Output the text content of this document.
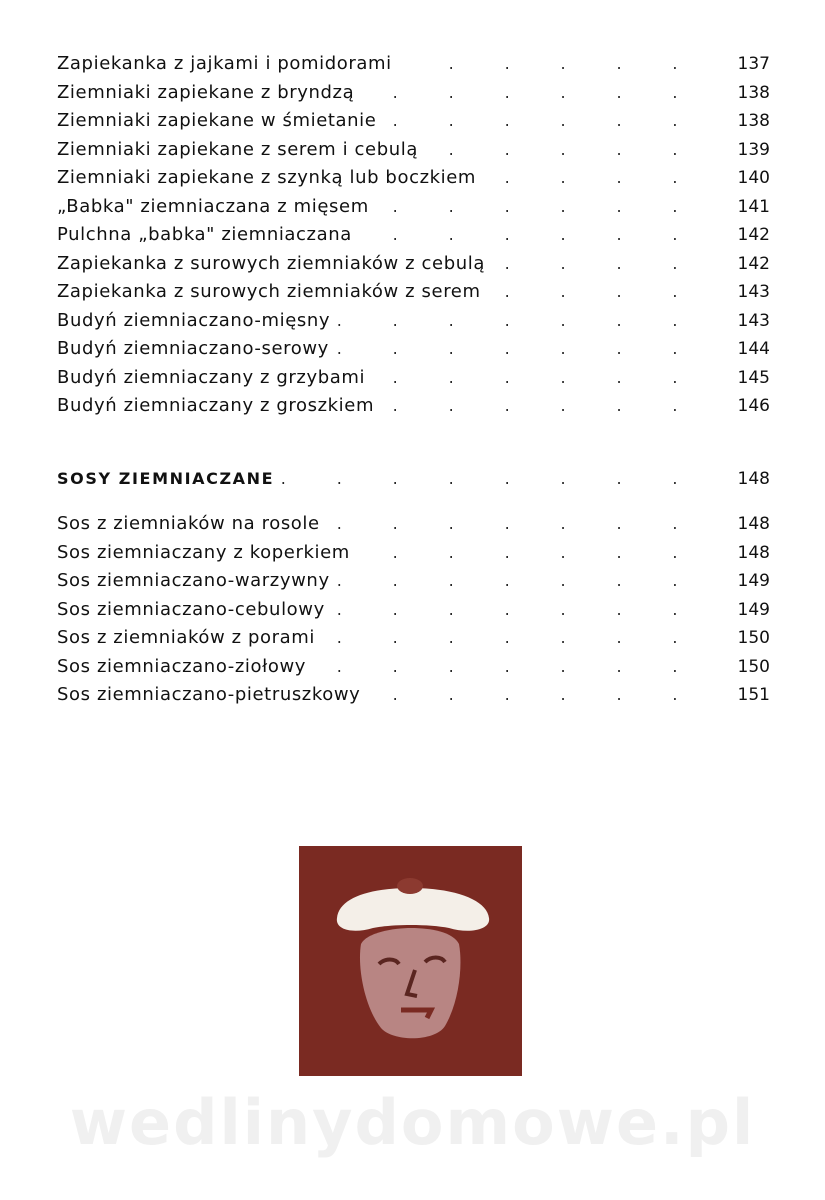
Zapiekanka z jajkami i pomidorami .	137
Ziemniaki zapiekane z bryndzą .	138
Ziemniaki zapiekane w śmietanie .	138
Ziemniaki zapiekane z serem i cebulą .	139
Ziemniaki zapiekane z szynką lub boczkiem .	140
„Babka" ziemniaczana z mięsem .	141
Pulchna „babka" ziemniaczana .	142
Zapiekanka z surowych ziemniaków z cebulą .	142
Zapiekanka z surowych ziemniaków z serem .	143
Budyń ziemniaczano-mięsny .	143
Budyń ziemniaczano-serowy .	144
Budyń ziemniaczany z grzybami .	145
Budyń ziemniaczany z groszkiem .	146
SOSY ZIEMNIACZANE .	148
Sos z ziemniaków na rosole .	148
Sos ziemniaczany z koperkiem .	148
Sos ziemniaczano-warzywny .	149
Sos ziemniaczano-cebulowy .	149
Sos z ziemniaków z porami .	150
Sos ziemniaczano-ziołowy .	150
Sos ziemniaczano-pietruszkowy .	151
wedlinydomowe.pl
